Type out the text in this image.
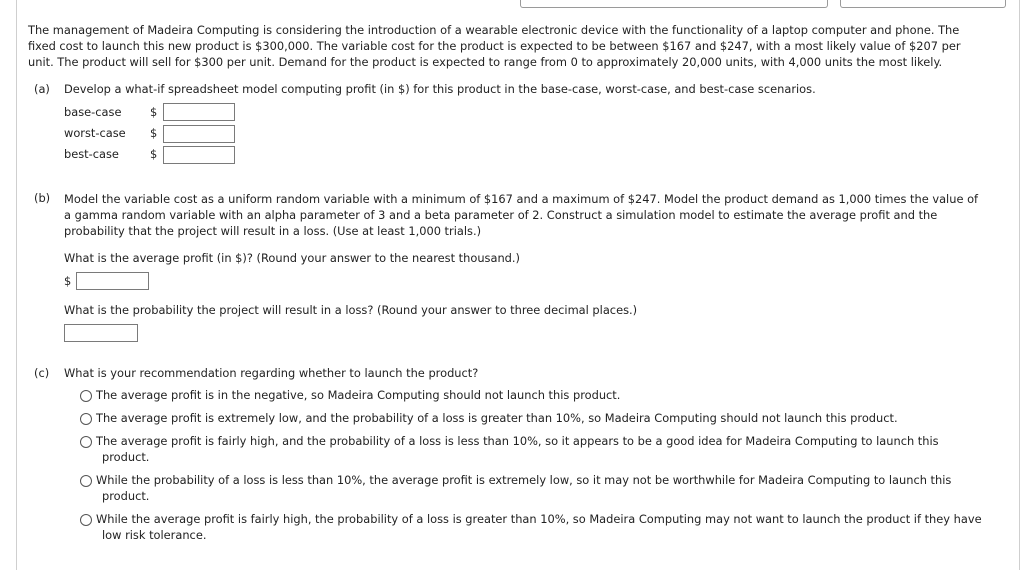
The management of Madeira Computing is considering the introduction of a wearable electronic device with the functionality of a laptop computer and phone. The
fixed cost to launch this new product is $300,000. The variable cost for the product is expected to be between $167 and $247, with a most likely value of $207 per
unit. The product will sell for $300 per unit. Demand for the product is expected to range from 0 to approximately 20,000 units, with 4,000 units the most likely.
(a) Develop a what-if spreadsheet model computing profit (in $) for this product in the base-case, worst-case, and best-case scenarios.
base-case	$
worst-case $
best-case	$
(b) Model the variable cost as a uniform random variable with a minimum of $167 and a maximum of $247. Model the product demand as 1,000 times the value of
a gamma random variable with an alpha parameter of 3 and a beta parameter of 2. Construct a simulation model to estimate the average profit and the
probability that the project will result in a loss. (Use at least 1,000 trials.)
What is the average profit (in $)? (Round your answer to the nearest thousand.)
$
What is the probability the project will result in a loss? (Round your answer to three decimal places.)
(c) What is your recommendation regarding whether to launch the product?
The average profit is in the negative, so Madeira Computing should not launch this product.
The average profit is extremely low, and the probability of a loss is greater than 10%, so Madeira Computing should not launch this product.
The average profit is fairly high, and the probability of a loss is less than 10%, so it appears to be a good idea for Madeira Computing to launch this
product.
While the probability of a loss is less than 10%, the average profit is extremely low, so it may not be worthwhile for Madeira Computing to launch this
product.
While the average profit is fairly high, the probability of a loss is greater than 10%, so Madeira Computing may not want to launch the product if they have
low risk tolerance.
